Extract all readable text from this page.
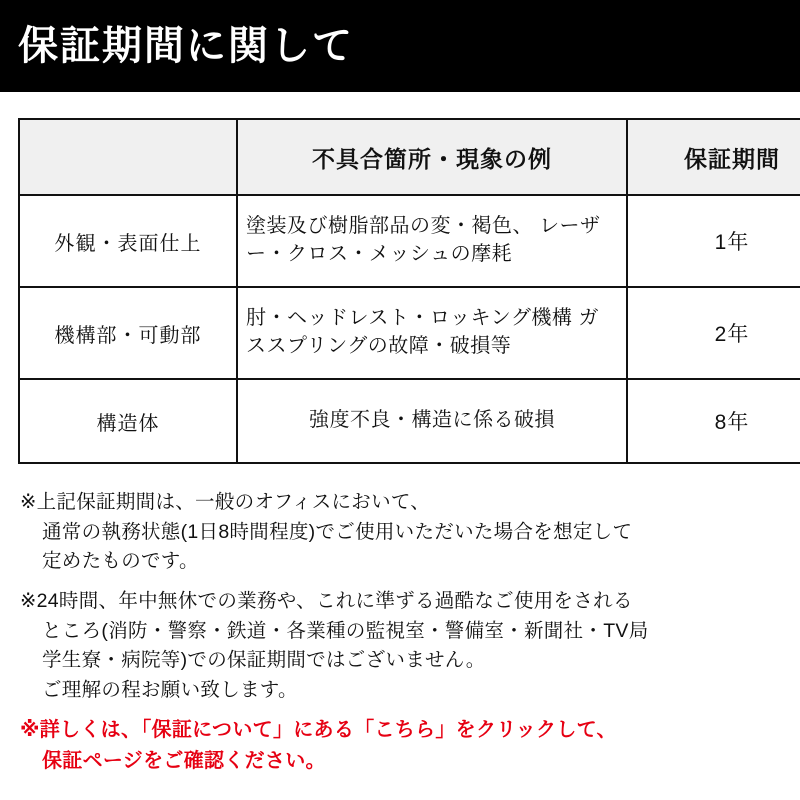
保証期間に関して
	不具合箇所・現象の例	保証期間
外観・表面仕上	塗装及び樹脂部品の変・褐色、 レーザー・クロス・メッシュの摩耗	1年
機構部・可動部	肘・ヘッドレスト・ロッキング機構 ガススプリングの故障・破損等	2年
構造体	強度不良・構造に係る破損	8年
※上記保証期間は、一般のオフィスにおいて、
通常の執務状態(1日8時間程度)でご使用いただいた場合を想定して
定めたものです。
※24時間、年中無休での業務や、これに準ずる過酷なご使用をされる
ところ(消防・警察・鉄道・各業種の監視室・警備室・新聞社・TV局
学生寮・病院等)での保証期間ではございません。
ご理解の程お願い致します。
※詳しくは、「保証について」にある「こちら」をクリックして、
保証ページをご確認ください。
